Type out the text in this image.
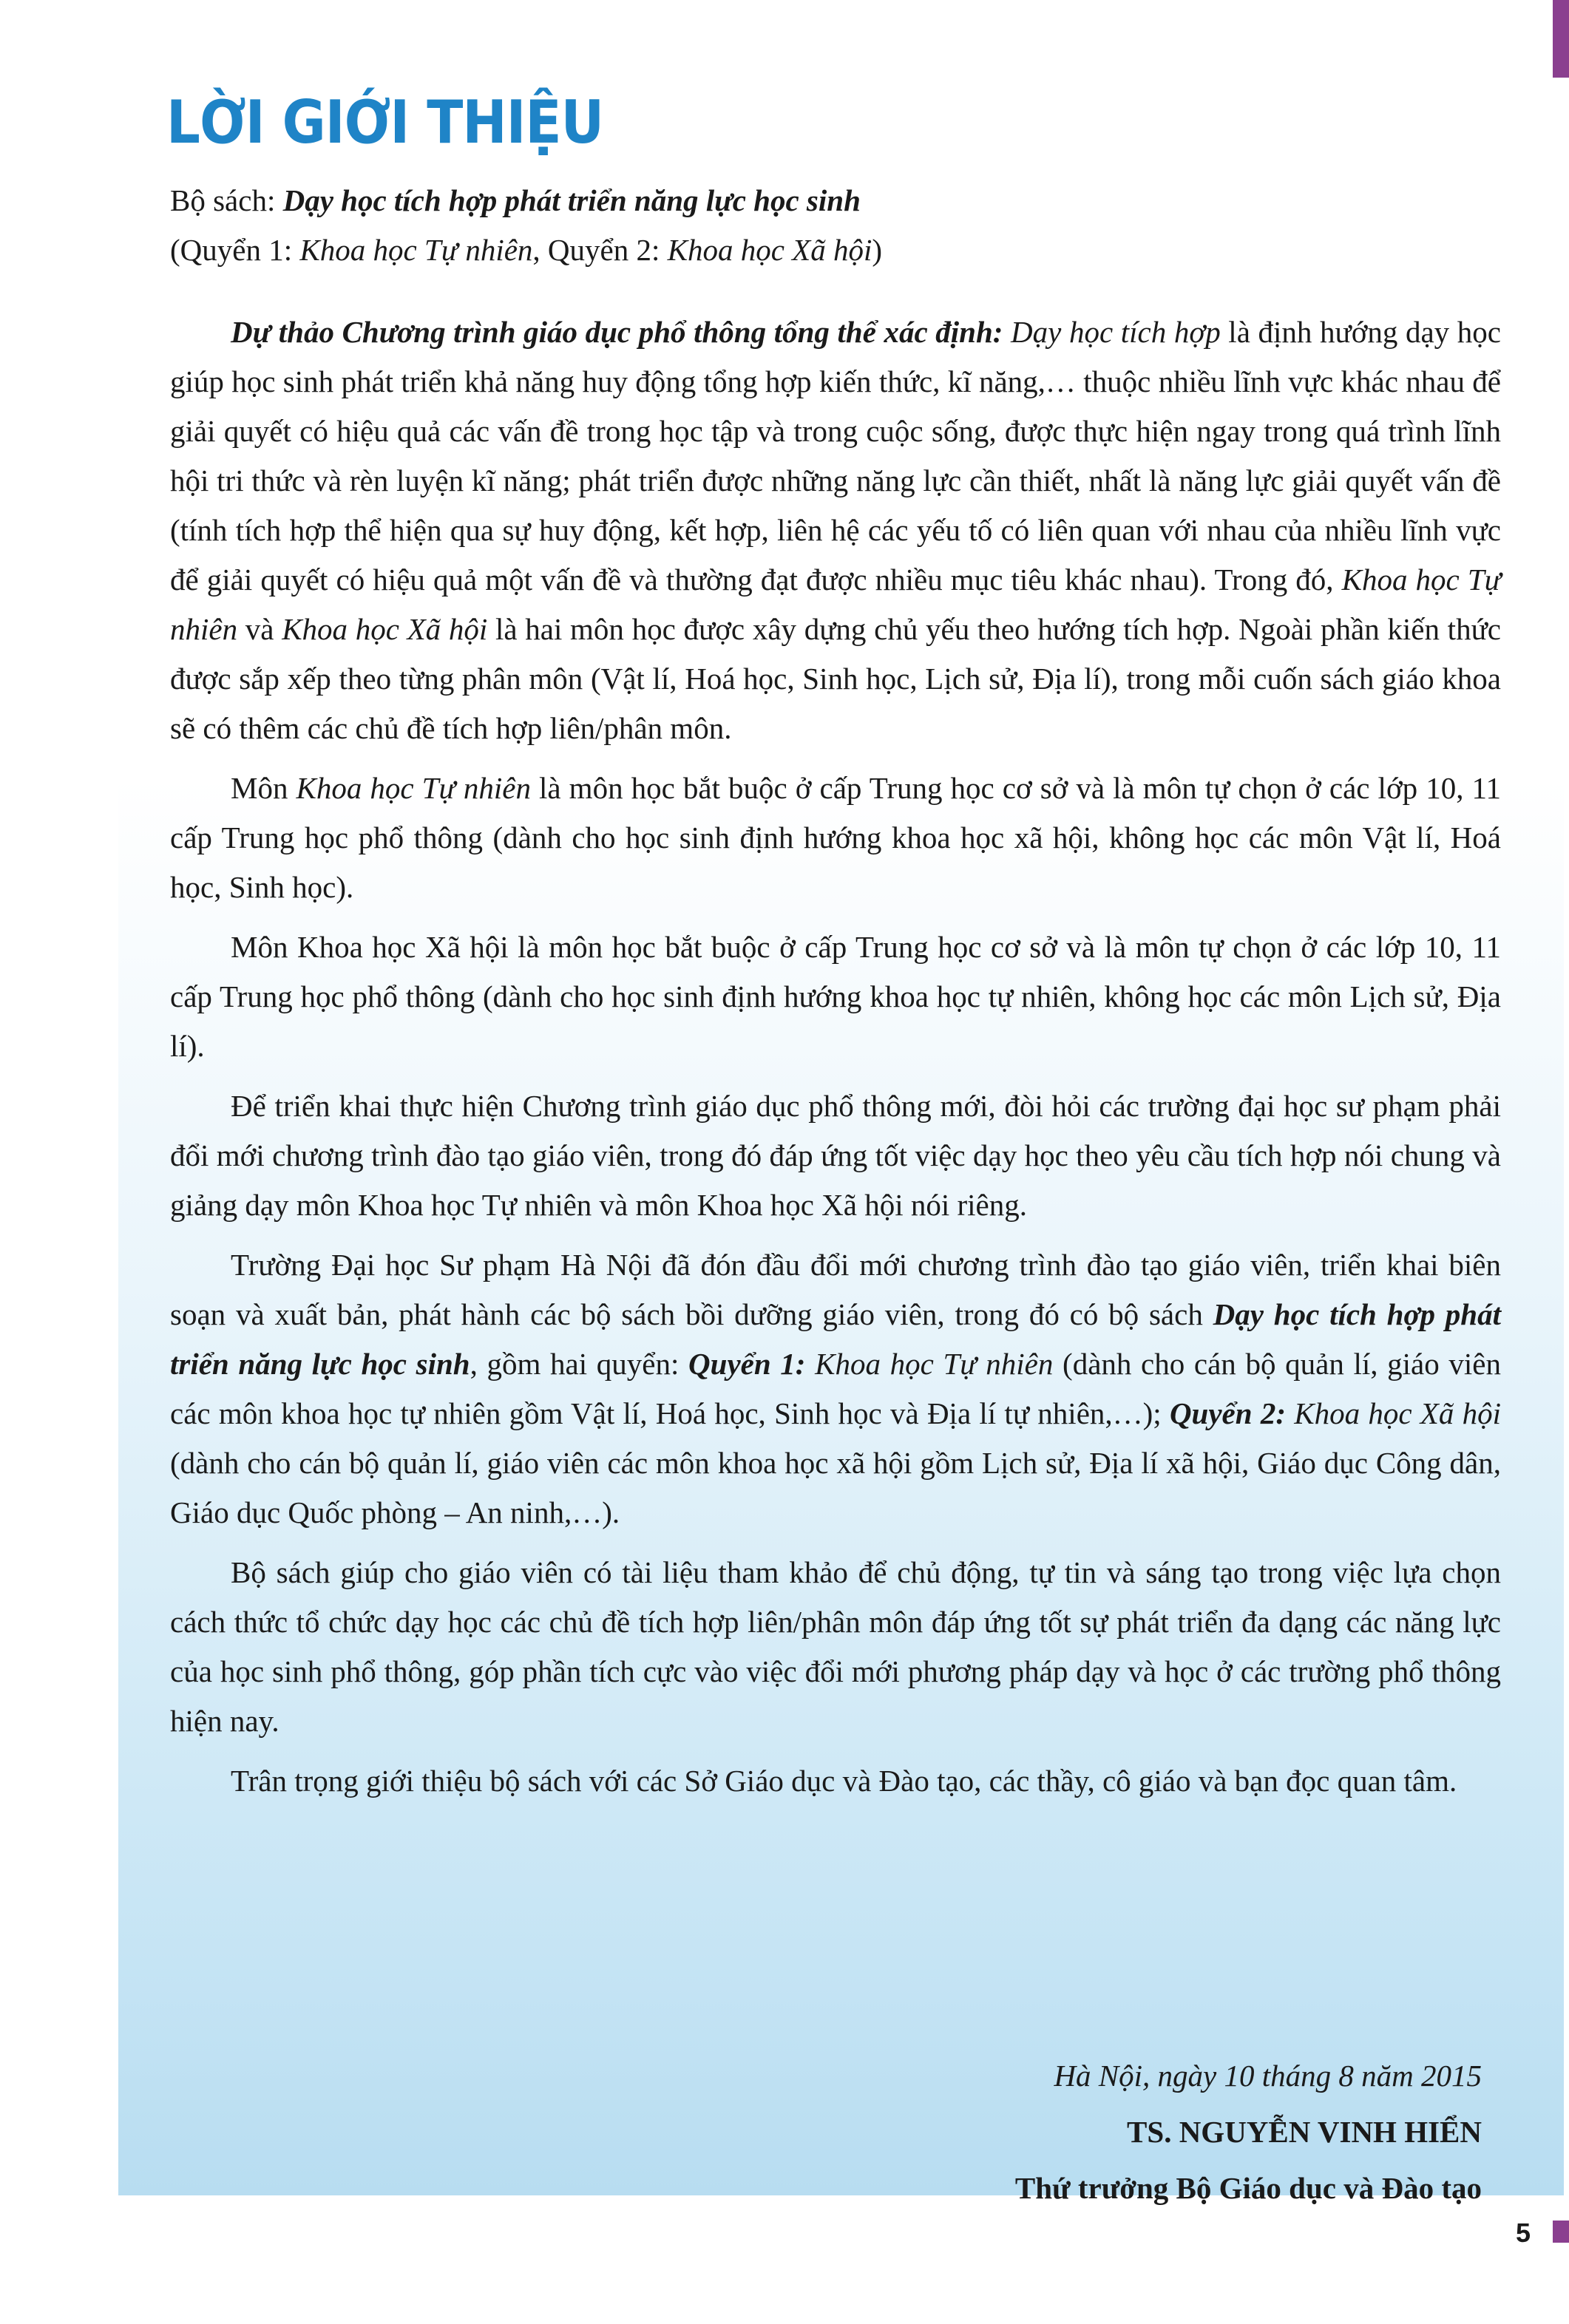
LỜI GIỚI THIỆU

Bộ sách: Dạy học tích hợp phát triển năng lực học sinh

(Quyển 1: Khoa học Tự nhiên, Quyển 2: Khoa học Xã hội)

Dự thảo Chương trình giáo dục phổ thông tổng thể xác định: Dạy học tích hợp là định hướng dạy học giúp học sinh phát triển khả năng huy động tổng hợp kiến thức, kĩ năng,… thuộc nhiều lĩnh vực khác nhau để giải quyết có hiệu quả các vấn đề trong học tập và trong cuộc sống, được thực hiện ngay trong quá trình lĩnh hội tri thức và rèn luyện kĩ năng; phát triển được những năng lực cần thiết, nhất là năng lực giải quyết vấn đề (tính tích hợp thể hiện qua sự huy động, kết hợp, liên hệ các yếu tố có liên quan với nhau của nhiều lĩnh vực để giải quyết có hiệu quả một vấn đề và thường đạt được nhiều mục tiêu khác nhau). Trong đó, Khoa học Tự nhiên và Khoa học Xã hội là hai môn học được xây dựng chủ yếu theo hướng tích hợp. Ngoài phần kiến thức được sắp xếp theo từng phân môn (Vật lí, Hoá học, Sinh học, Lịch sử, Địa lí), trong mỗi cuốn sách giáo khoa sẽ có thêm các chủ đề tích hợp liên/phân môn.

Môn Khoa học Tự nhiên là môn học bắt buộc ở cấp Trung học cơ sở và là môn tự chọn ở các lớp 10, 11 cấp Trung học phổ thông (dành cho học sinh định hướng khoa học xã hội, không học các môn Vật lí, Hoá học, Sinh học).

Môn Khoa học Xã hội là môn học bắt buộc ở cấp Trung học cơ sở và là môn tự chọn ở các lớp 10, 11 cấp Trung học phổ thông (dành cho học sinh định hướng khoa học tự nhiên, không học các môn Lịch sử, Địa lí).

Để triển khai thực hiện Chương trình giáo dục phổ thông mới, đòi hỏi các trường đại học sư phạm phải đổi mới chương trình đào tạo giáo viên, trong đó đáp ứng tốt việc dạy học theo yêu cầu tích hợp nói chung và giảng dạy môn Khoa học Tự nhiên và môn Khoa học Xã hội nói riêng.

Trường Đại học Sư phạm Hà Nội đã đón đầu đổi mới chương trình đào tạo giáo viên, triển khai biên soạn và xuất bản, phát hành các bộ sách bồi dưỡng giáo viên, trong đó có bộ sách Dạy học tích hợp phát triển năng lực học sinh, gồm hai quyển: Quyển 1: Khoa học Tự nhiên (dành cho cán bộ quản lí, giáo viên các môn khoa học tự nhiên gồm Vật lí, Hoá học, Sinh học và Địa lí tự nhiên,…); Quyển 2: Khoa học Xã hội (dành cho cán bộ quản lí, giáo viên các môn khoa học xã hội gồm Lịch sử, Địa lí xã hội, Giáo dục Công dân, Giáo dục Quốc phòng – An ninh,…).

Bộ sách giúp cho giáo viên có tài liệu tham khảo để chủ động, tự tin và sáng tạo trong việc lựa chọn cách thức tổ chức dạy học các chủ đề tích hợp liên/phân môn đáp ứng tốt sự phát triển đa dạng các năng lực của học sinh phổ thông, góp phần tích cực vào việc đổi mới phương pháp dạy và học ở các trường phổ thông hiện nay.

Trân trọng giới thiệu bộ sách với các Sở Giáo dục và Đào tạo, các thầy, cô giáo và bạn đọc quan tâm.

Hà Nội, ngày 10 tháng 8 năm 2015
TS. NGUYỄN VINH HIỂN
Thứ trưởng Bộ Giáo dục và Đào tạo
5
